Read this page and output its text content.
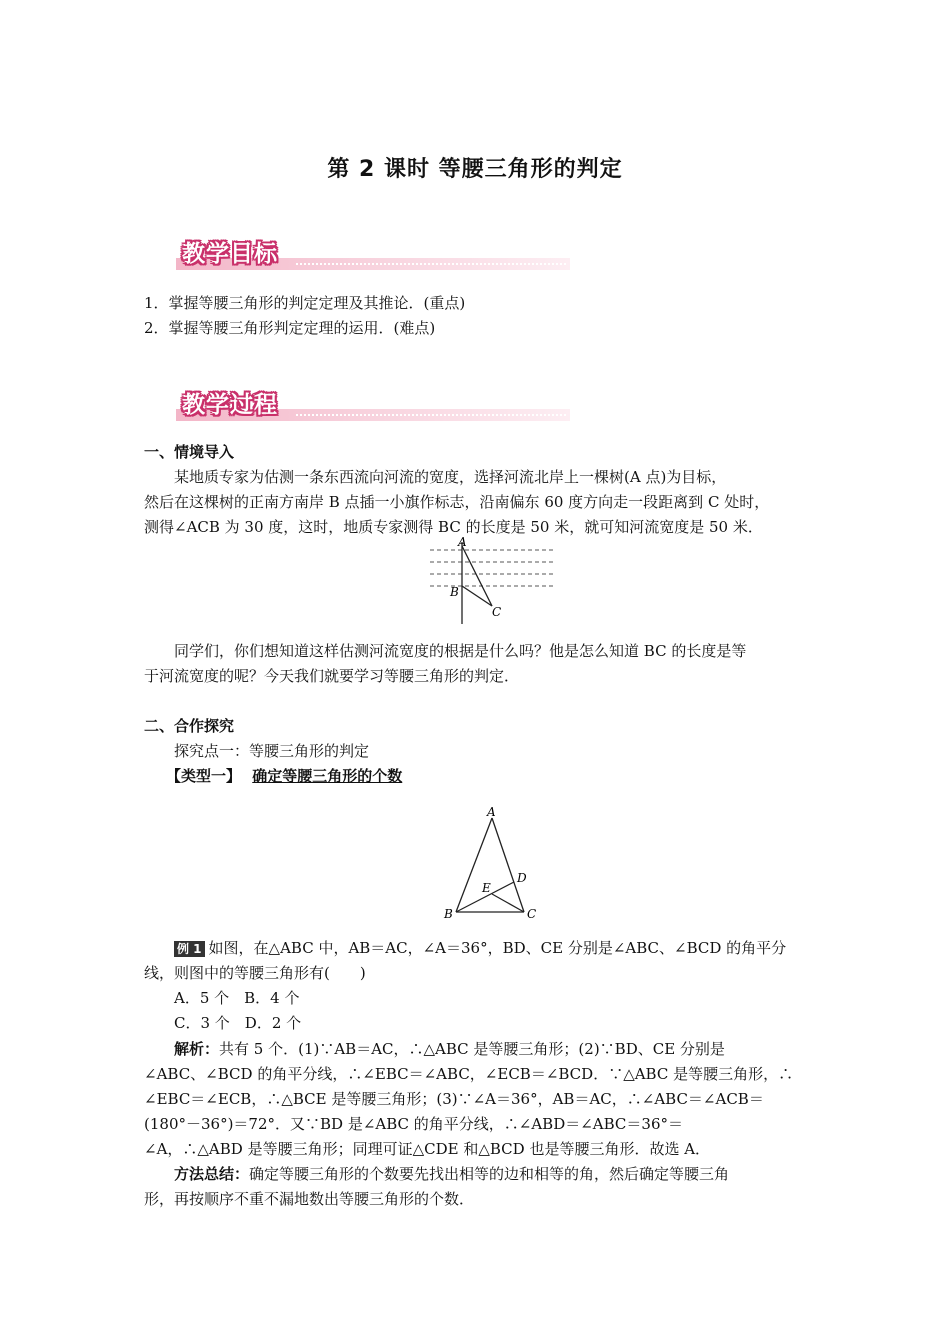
第 2 课时 等腰三角形的判定
教学目标
1．掌握等腰三角形的判定定理及其推论．(重点)
2．掌握等腰三角形判定定理的运用．(难点)
教学过程
一、情境导入
某地质专家为估测一条东西流向河流的宽度，选择河流北岸上一棵树(A 点)为目标，
然后在这棵树的正南方南岸 B 点插一小旗作标志，沿南偏东 60 度方向走一段距离到 C 处时，
测得∠ACB 为 30 度，这时，地质专家测得 BC 的长度是 50 米，就可知河流宽度是 50 米．
A
B
C
同学们，你们想知道这样估测河流宽度的根据是什么吗？他是怎么知道 BC 的长度是等
于河流宽度的呢？今天我们就要学习等腰三角形的判定．
二、合作探究
探究点一：等腰三角形的判定
【类型一】 确定等腰三角形的个数
A
B	C
D
E
例 1 如图，在△ABC 中，AB＝AC，∠A＝36°，BD、CE 分别是∠ABC、∠BCD 的角平分
线，则图中的等腰三角形有(　　)
A．5 个　B．4 个
C．3 个　D．2 个
解析：共有 5 个．(1)∵AB＝AC，∴△ABC 是等腰三角形；(2)∵BD、CE 分别是
∠ABC、∠BCD 的角平分线，∴∠EBC＝∠ABC，∠ECB＝∠BCD．∵△ABC 是等腰三角形，∴
∠EBC＝∠ECB，∴△BCE 是等腰三角形；(3)∵∠A＝36°，AB＝AC，∴∠ABC＝∠ACB＝
(180°－36°)＝72°．又∵BD 是∠ABC 的角平分线，∴∠ABD＝∠ABC＝36°＝
∠A，∴△ABD 是等腰三角形；同理可证△CDE 和△BCD 也是等腰三角形．故选 A．
方法总结：确定等腰三角形的个数要先找出相等的边和相等的角，然后确定等腰三角
形，再按顺序不重不漏地数出等腰三角形的个数．
